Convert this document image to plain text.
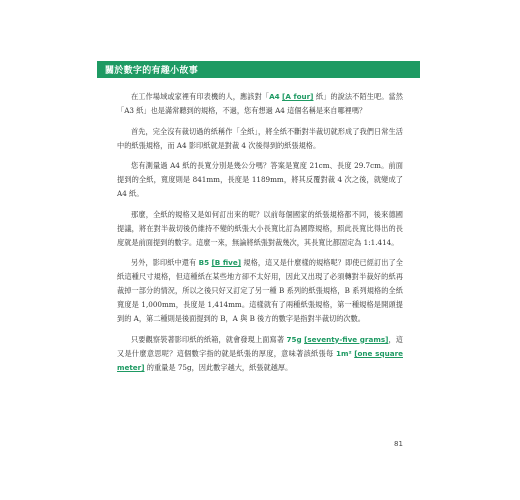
關於數字的有趣小故事

在工作場域或家裡有印表機的人，應該對「A4 [A four] 紙」的說法不陌生吧。當然「A3 紙」也是滿常聽到的規格，不過，您有想過 A4 這個名稱是來自哪裡嗎？

首先，完全沒有裁切過的紙稱作「全紙」，將全紙不斷對半裁切就形成了我們日常生活中的紙張規格，而 A4 影印紙就是對裁 4 次後得到的紙張規格。

您有測量過 A4 紙的長寬分別是幾公分嗎？答案是寬度 21cm、長度 29.7cm。前面提到的全紙，寬度則是 841mm，長度是 1189mm，將其反覆對裁 4 次之後，就變成了 A4 紙。

那麼，全紙的規格又是如何訂出來的呢？以前每個國家的紙張規格都不同，後來德國提議，將在對半裁切後仍維持不變的紙張大小長寬比訂為國際規格，照此長寬比得出的長度就是前面提到的數字。這麼一來，無論將紙張對裁幾次，其長寬比都固定為 1:1.414。

另外，影印紙中還有 B5 [B five] 規格，這又是什麼樣的規格呢？即使已經訂出了全紙這種尺寸規格，但這種紙在某些地方卻不太好用，因此又出現了必須轉對半裁好的紙再裁掉一部分的情況，所以之後只好又訂定了另一種 B 系列的紙張規格，B 系列規格的全紙寬度是 1,000mm，長度是 1,414mm。這樣就有了兩種紙張規格，第一種規格是開頭提到的 A，第二種則是後面提到的 B，A 與 B 後方的數字是指對半裁切的次數。

只要觀察裝著影印紙的紙箱，就會發現上面寫著 75g [seventy-five grams]，這又是什麼意思呢？這個數字指的就是紙張的厚度，意味著該紙張每 1m² [one square meter] 的重量是 75g，因此數字越大，紙張就越厚。

81
